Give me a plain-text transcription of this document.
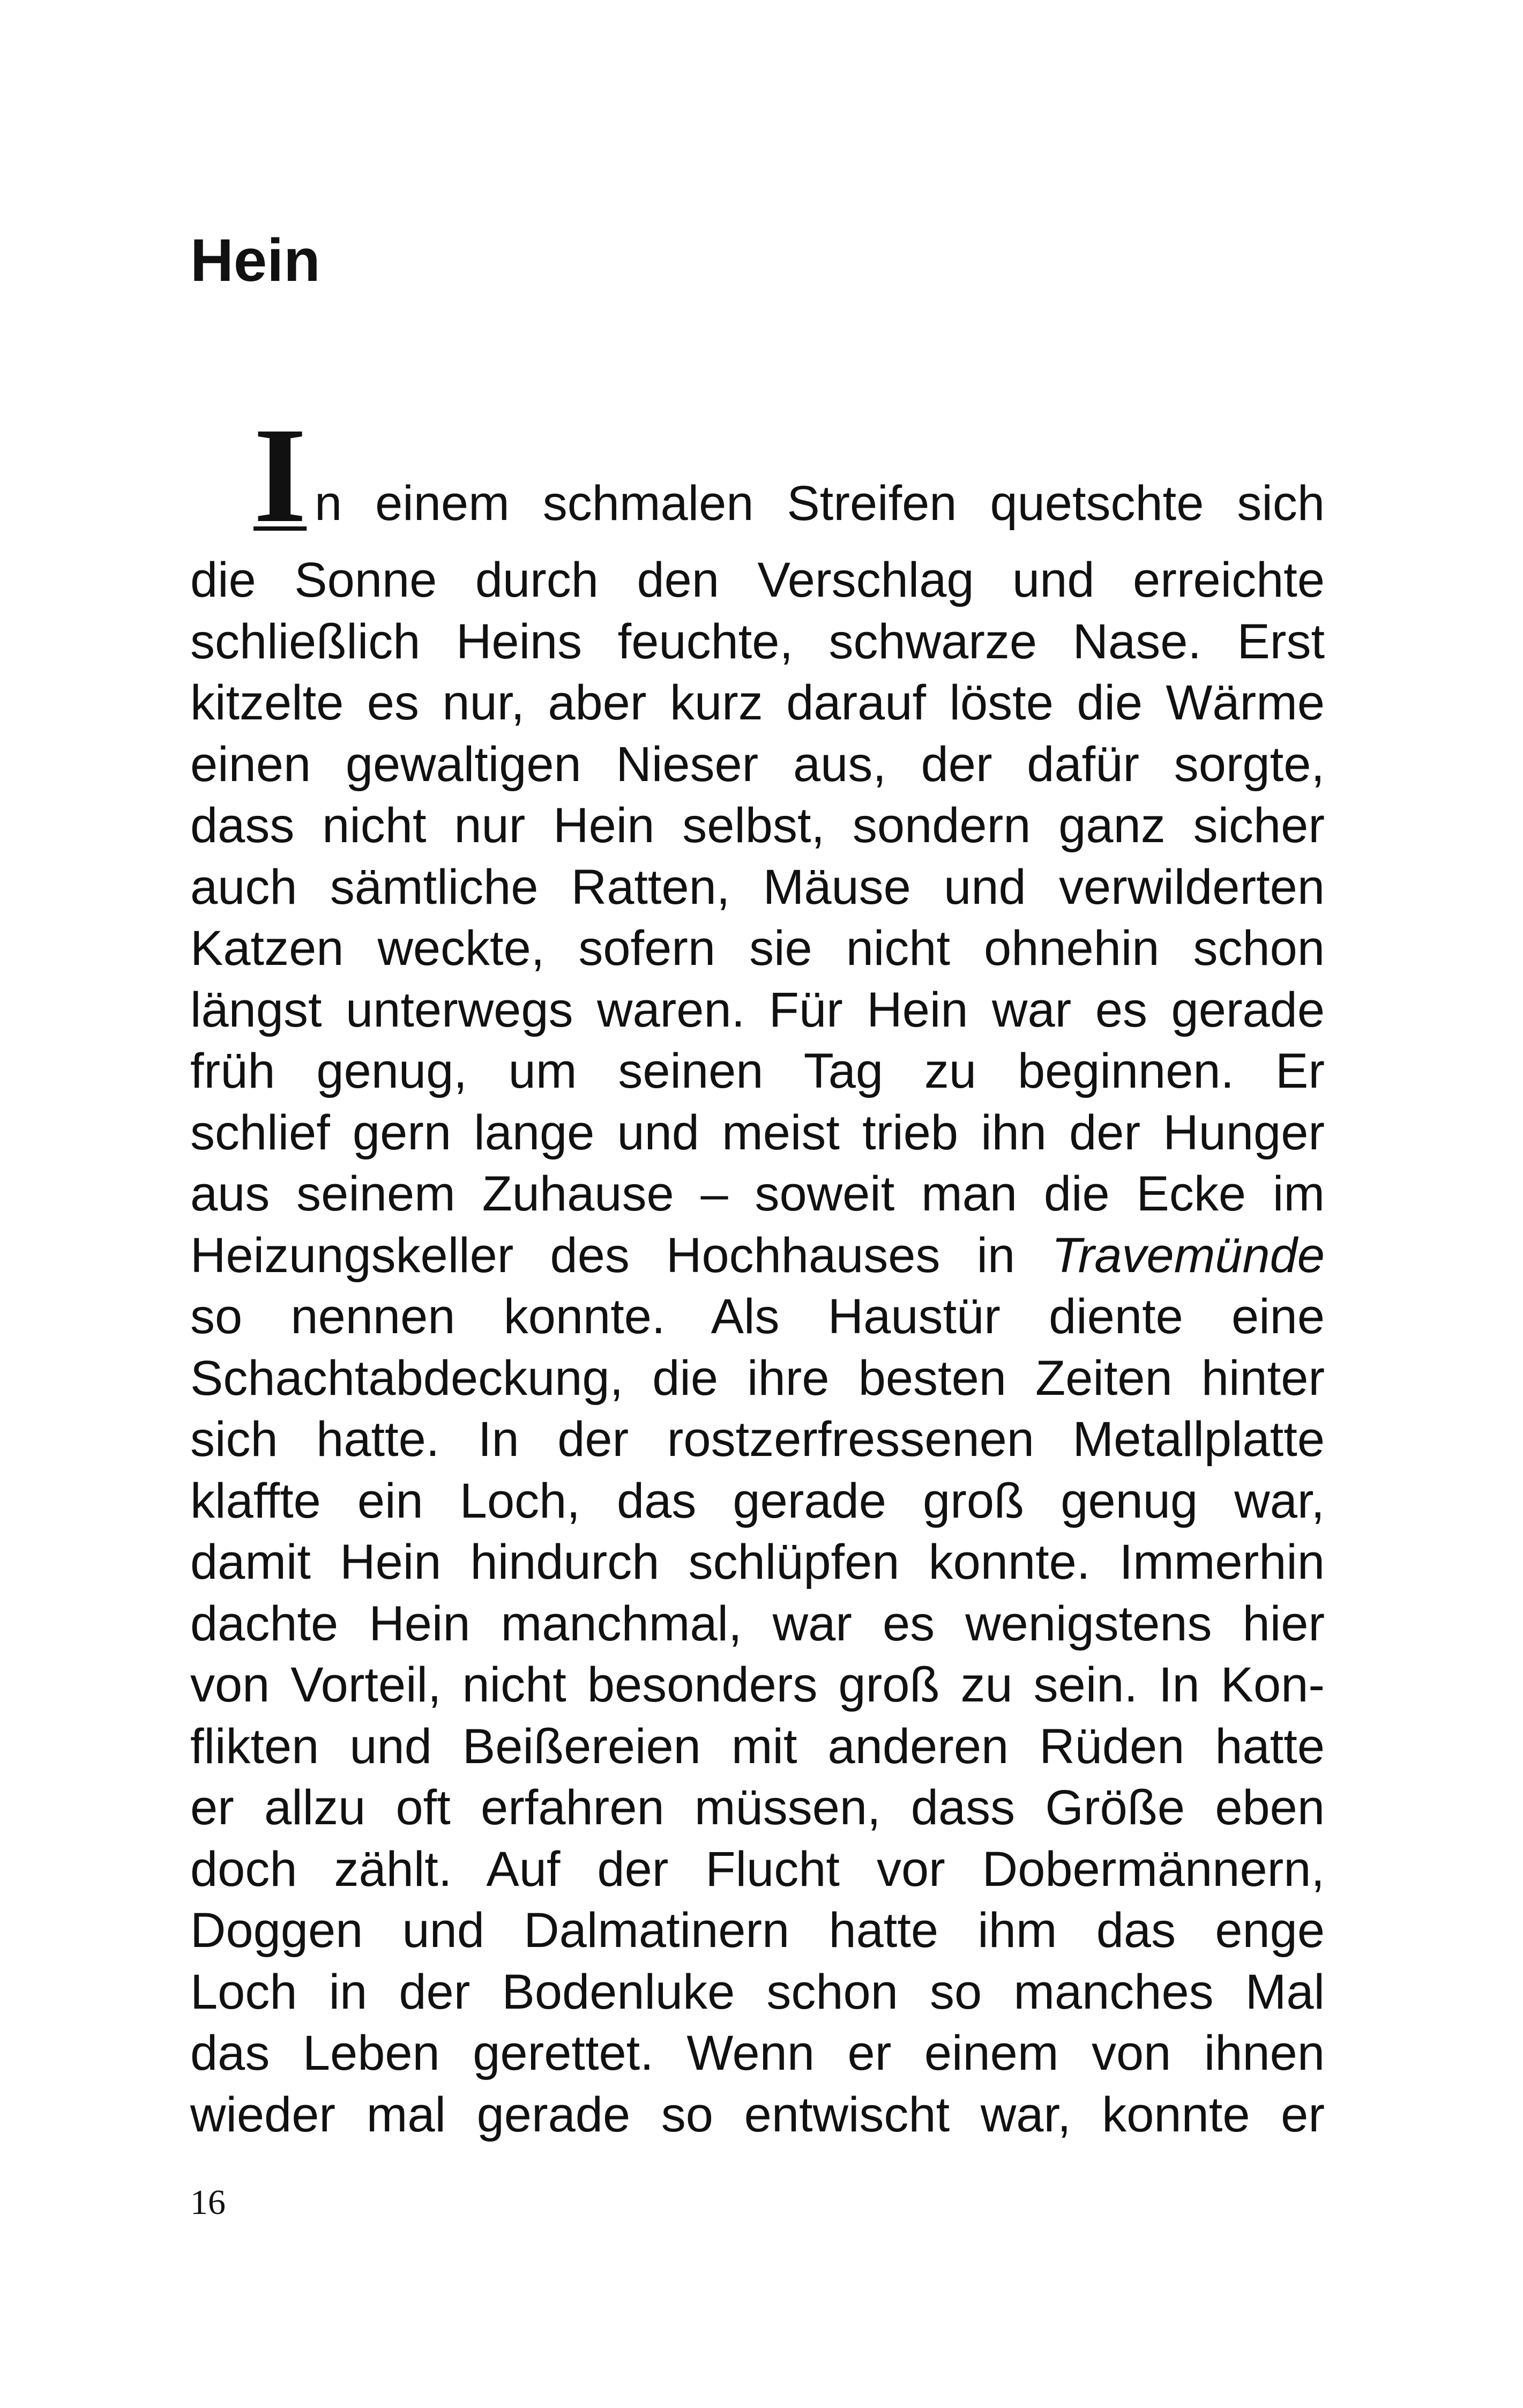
Hein
I n einem schmalen Streifen quetschte sich
die Sonne durch den Verschlag und erreichte
schließlich Heins feuchte, schwarze Nase. Erst
kitzelte es nur, aber kurz darauf löste die Wärme
einen gewaltigen Nieser aus, der dafür sorgte,
dass nicht nur Hein selbst, sondern ganz sicher
auch sämtliche Ratten, Mäuse und verwilderten
Katzen weckte, sofern sie nicht ohnehin schon
längst unterwegs waren. Für Hein war es gerade
früh genug, um seinen Tag zu beginnen. Er
schlief gern lange und meist trieb ihn der Hunger
aus seinem Zuhause – soweit man die Ecke im
Heizungskeller des Hochhauses in Travemünde
so nennen konnte. Als Haustür diente eine
Schachtabdeckung, die ihre besten Zeiten hinter
sich hatte. In der rostzerfressenen Metallplatte
klaffte ein Loch, das gerade groß genug war,
damit Hein hindurch schlüpfen konnte. Immerhin
dachte Hein manchmal, war es wenigstens hier
von Vorteil, nicht besonders groß zu sein. In Kon-
flikten und Beißereien mit anderen Rüden hatte
er allzu oft erfahren müssen, dass Größe eben
doch zählt. Auf der Flucht vor Dobermännern,
Doggen und Dalmatinern hatte ihm das enge
Loch in der Bodenluke schon so manches Mal
das Leben gerettet. Wenn er einem von ihnen
wieder mal gerade so entwischt war, konnte er

16
